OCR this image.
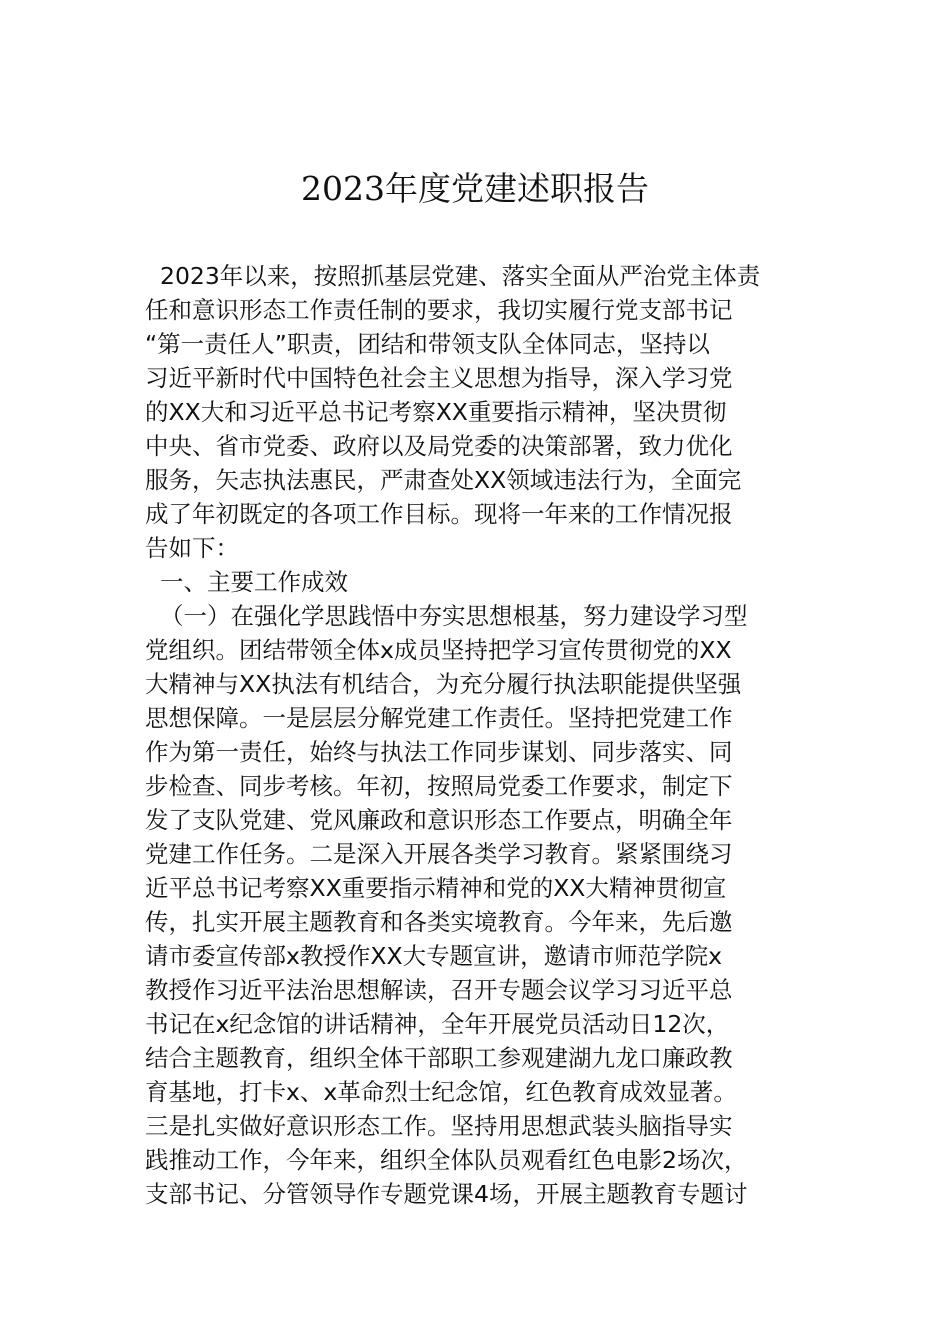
2023年度党建述职报告
2023年以来，按照抓基层党建、落实全面从严治党主体责
任和意识形态工作责任制的要求，我切实履行党支部书记
“第一责任人”职责，团结和带领支队全体同志，坚持以
习近平新时代中国特色社会主义思想为指导，深入学习党
的XX大和习近平总书记考察XX重要指示精神，坚决贯彻
中央、省市党委、政府以及局党委的决策部署，致力优化
服务，矢志执法惠民，严肃查处XX领域违法行为，全面完
成了年初既定的各项工作目标。现将一年来的工作情况报
告如下：
一、主要工作成效
（一）在强化学思践悟中夯实思想根基，努力建设学习型
党组织。团结带领全体x成员坚持把学习宣传贯彻党的XX
大精神与XX执法有机结合，为充分履行执法职能提供坚强
思想保障。一是层层分解党建工作责任。坚持把党建工作
作为第一责任，始终与执法工作同步谋划、同步落实、同
步检查、同步考核。年初，按照局党委工作要求，制定下
发了支队党建、党风廉政和意识形态工作要点，明确全年
党建工作任务。二是深入开展各类学习教育。紧紧围绕习
近平总书记考察XX重要指示精神和党的XX大精神贯彻宣
传，扎实开展主题教育和各类实境教育。今年来，先后邀
请市委宣传部x教授作XX大专题宣讲，邀请市师范学院x
教授作习近平法治思想解读，召开专题会议学习习近平总
书记在x纪念馆的讲话精神，全年开展党员活动日12次，
结合主题教育，组织全体干部职工参观建湖九龙口廉政教
育基地，打卡x、x革命烈士纪念馆，红色教育成效显著。
三是扎实做好意识形态工作。坚持用思想武装头脑指导实
践推动工作，今年来，组织全体队员观看红色电影2场次，
支部书记、分管领导作专题党课4场，开展主题教育专题讨
